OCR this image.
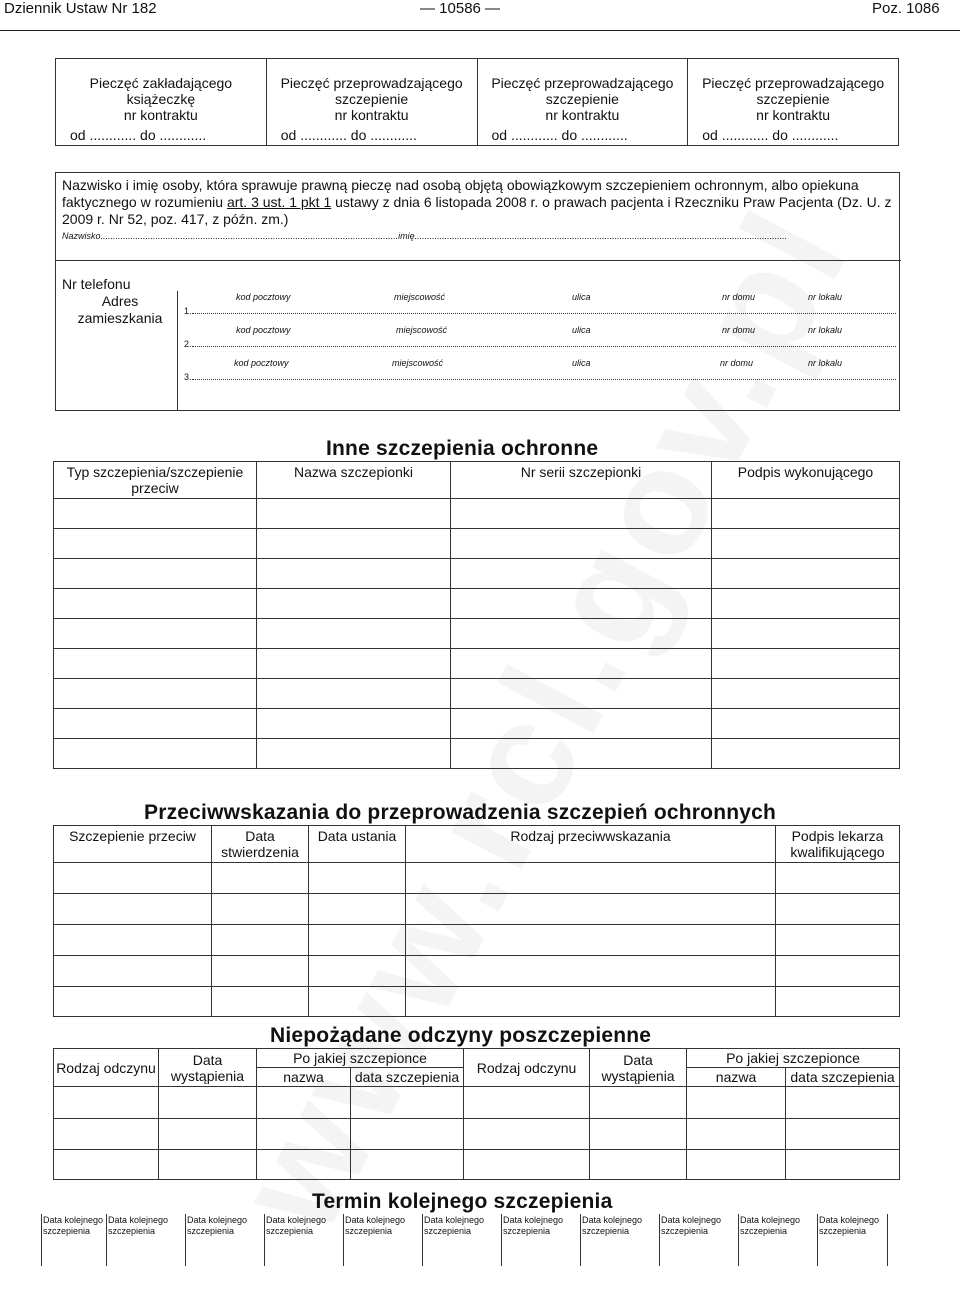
Dziennik Ustaw Nr 182	— 10586 —	Poz. 1086
Pieczęć zakładającego
książeczkę
nr kontraktu
od ............ do ............

Pieczęć przeprowadzającego
szczepienie
nr kontraktu
od ............ do ............

Pieczęć przeprowadzającego
szczepienie
nr kontraktu
od ............ do ............

Pieczęć przeprowadzającego
szczepienie
nr kontraktu
od ............ do ............
Nazwisko i imię osoby, która sprawuje prawną pieczę nad osobą objętą obowiązkowym szczepieniem ochronnym, albo opiekuna faktycznego w rozumieniu art. 3 ust. 1 pkt 1 ustawy z dnia 6 listopada 2008 r. o prawach pacjenta i Rzeczniku Praw Pacjenta (Dz. U. z 2009 r. Nr 52, poz. 417, z późn. zm.)
Nazwisko.......................................................................................................................imię.....................................................................................................................................................
Nr telefonu
Adres zamieszkania
kod pocztowy	miejscowość	ulica	nr domu	nr lokalu
1.
kod pocztowy	miejscowość	ulica	nr domu	nr lokalu
2.
kod pocztowy	miejscowość	ulica	nr domu	nr lokalu
3.
Inne szczepienia ochronne
Typ szczepienia/szczepienie przeciw	Nazwa szczepionki	Nr serii szczepionki	Podpis wykonującego

Przeciwwskazania do przeprowadzenia szczepień ochronnych
Szczepienie przeciw	Data stwierdzenia	Data ustania	Rodzaj przeciwwskazania	Podpis lekarza kwalifikującego

Niepożądane odczyny poszczepienne
Rodzaj odczynu	Data wystąpienia	Po jakiej szczepionce		Rodzaj odczynu	Data wystąpienia	Po jakiej szczepionce	
		nazwa	data szczepienia			nazwa	data szczepienia

Termin kolejnego szczepienia
Data kolejnego szczepienia	Data kolejnego szczepienia	Data kolejnego szczepienia	Data kolejnego szczepienia	Data kolejnego szczepienia	Data kolejnego szczepienia	Data kolejnego szczepienia	Data kolejnego szczepienia	Data kolejnego szczepienia	Data kolejnego szczepienia	Data kolejnego szczepienia
